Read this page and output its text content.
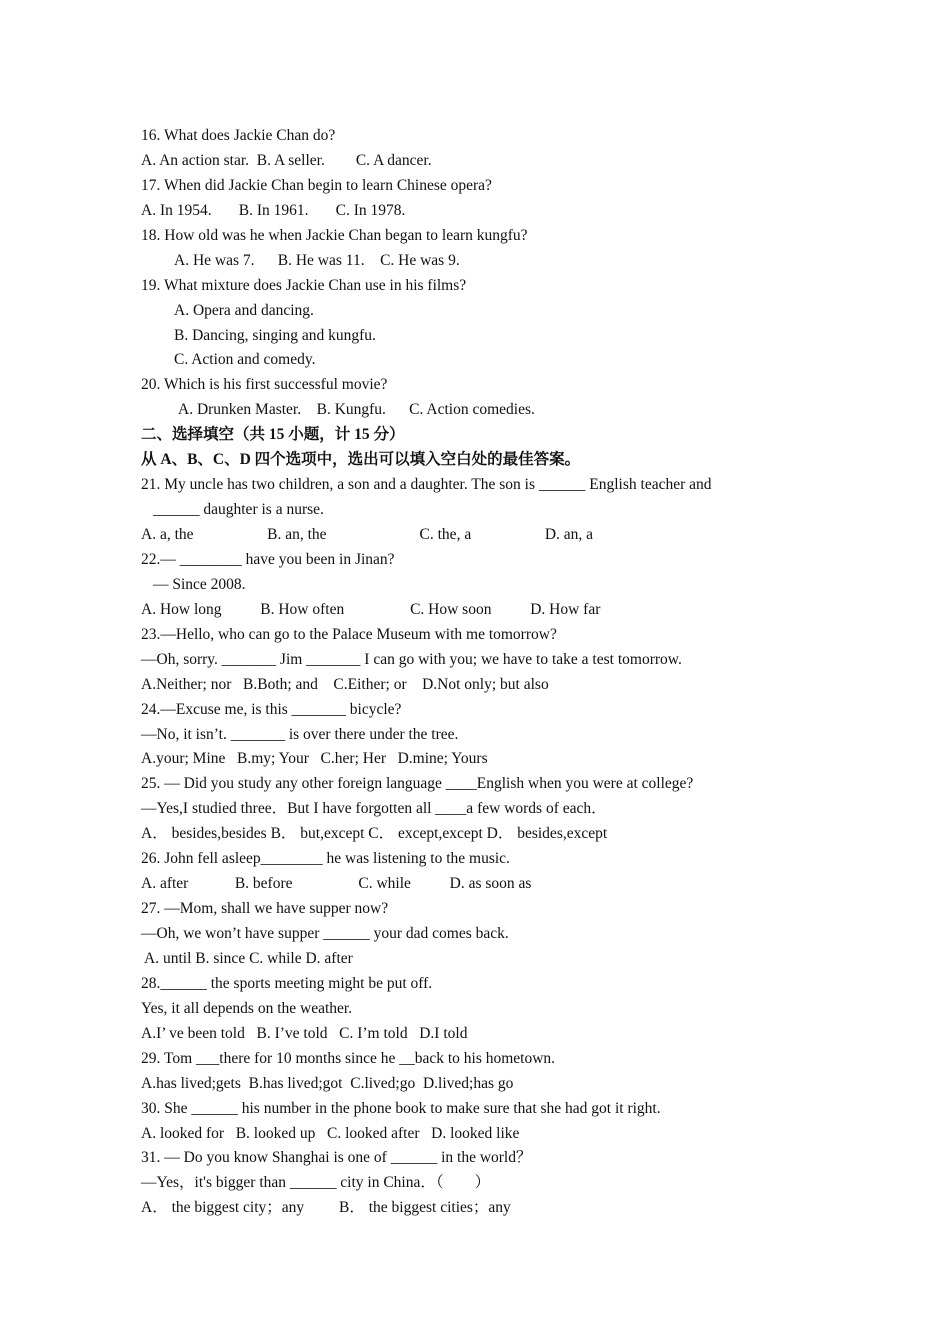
16. What does Jackie Chan do?
A. An action star.  B. A seller.        C. A dancer.
17. When did Jackie Chan begin to learn Chinese opera?
A. In 1954.       B. In 1961.       C. In 1978.
18. How old was he when Jackie Chan began to learn kungfu?
A. He was 7.      B. He was 11.    C. He was 9.
19. What mixture does Jackie Chan use in his films?
A. Opera and dancing.
B. Dancing, singing and kungfu.
C. Action and comedy.
20. Which is his first successful movie?
A. Drunken Master.    B. Kungfu.      C. Action comedies.
二、选择填空（共 15 小题，计 15 分）
从 A、B、C、D 四个选项中，选出可以填入空白处的最佳答案。
21. My uncle has two children, a son and a daughter. The son is ______ English teacher and
______ daughter is a nurse.
A. a, the                   B. an, the                        C. the, a                   D. an, a
22.— ________ have you been in Jinan?
— Since 2008.
A. How long          B. How often                 C. How soon          D. How far
23.—Hello, who can go to the Palace Museum with me tomorrow?
—Oh, sorry. _______ Jim _______ I can go with you; we have to take a test tomorrow.
A.Neither; nor   B.Both; and    C.Either; or    D.Not only; but also
24.—Excuse me, is this _______ bicycle?
—No, it isn’t. _______ is over there under the tree.
A.your; Mine   B.my; Your   C.her; Her   D.mine; Yours
25. — Did you study any other foreign language ____English when you were at college?
—Yes,I studied three．But I have forgotten all ____a few words of each．
A． besides,besides B． but,except C． except,except D． besides,except
26. John fell asleep________ he was listening to the music.
A. after            B. before                 C. while          D. as soon as
27. —Mom, shall we have supper now?
—Oh, we won’t have supper ______ your dad comes back.
A. until B. since C. while D. after
28.______ the sports meeting might be put off.
Yes, it all depends on the weather.
A.I’ ve been told   B. I’ve told   C. I’m told   D.I told
29. Tom ___there for 10 months since he __back to his hometown.
A.has lived;gets  B.has lived;got  C.lived;go  D.lived;has go
30. She ______ his number in the phone book to make sure that she had got it right.
A. looked for   B. looked up   C. looked after   D. looked like
31. — Do you know Shanghai is one of ______ in the world？
—Yes，it's bigger than ______ city in China．（　　）
A． the biggest city；any         B． the biggest cities；any
